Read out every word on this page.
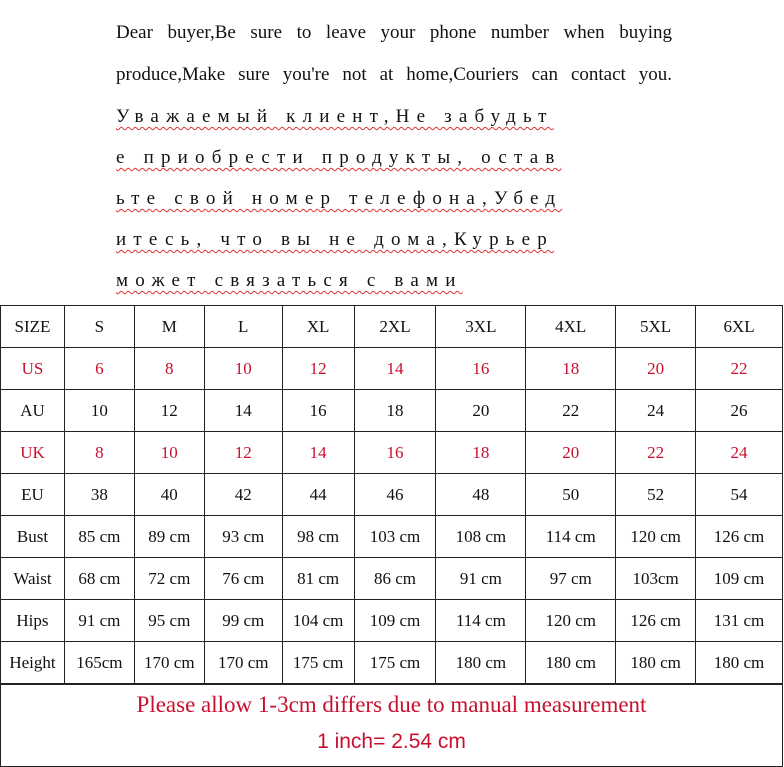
Dear buyer,Be sure to leave your phone number when buying
produce,Make sure you're not at home,Couriers can contact you.
Уважаемый клиент,Не забудьт
е приобрести продукты, остав
ьте свой номер телефона,Убед
итесь, что вы не дома,Курьер
может связаться с вами
SIZE	S	M	L	XL	2XL	3XL	4XL	5XL	6XL
US	6	8	10	12	14	16	18	20	22
AU	10	12	14	16	18	20	22	24	26
UK	8	10	12	14	16	18	20	22	24
EU	38	40	42	44	46	48	50	52	54
Bust	85 cm	89 cm	93 cm	98 cm	103 cm	108 cm	114 cm	120 cm	126 cm
Waist	68 cm	72 cm	76 cm	81 cm	86 cm	91 cm	97 cm	103cm	109 cm
Hips	91 cm	95 cm	99 cm	104 cm	109 cm	114 cm	120 cm	126 cm	131 cm
Height	165cm	170 cm	170 cm	175 cm	175 cm	180 cm	180 cm	180 cm	180 cm
Please allow 1-3cm differs due to manual measurement
1 inch= 2.54 cm
